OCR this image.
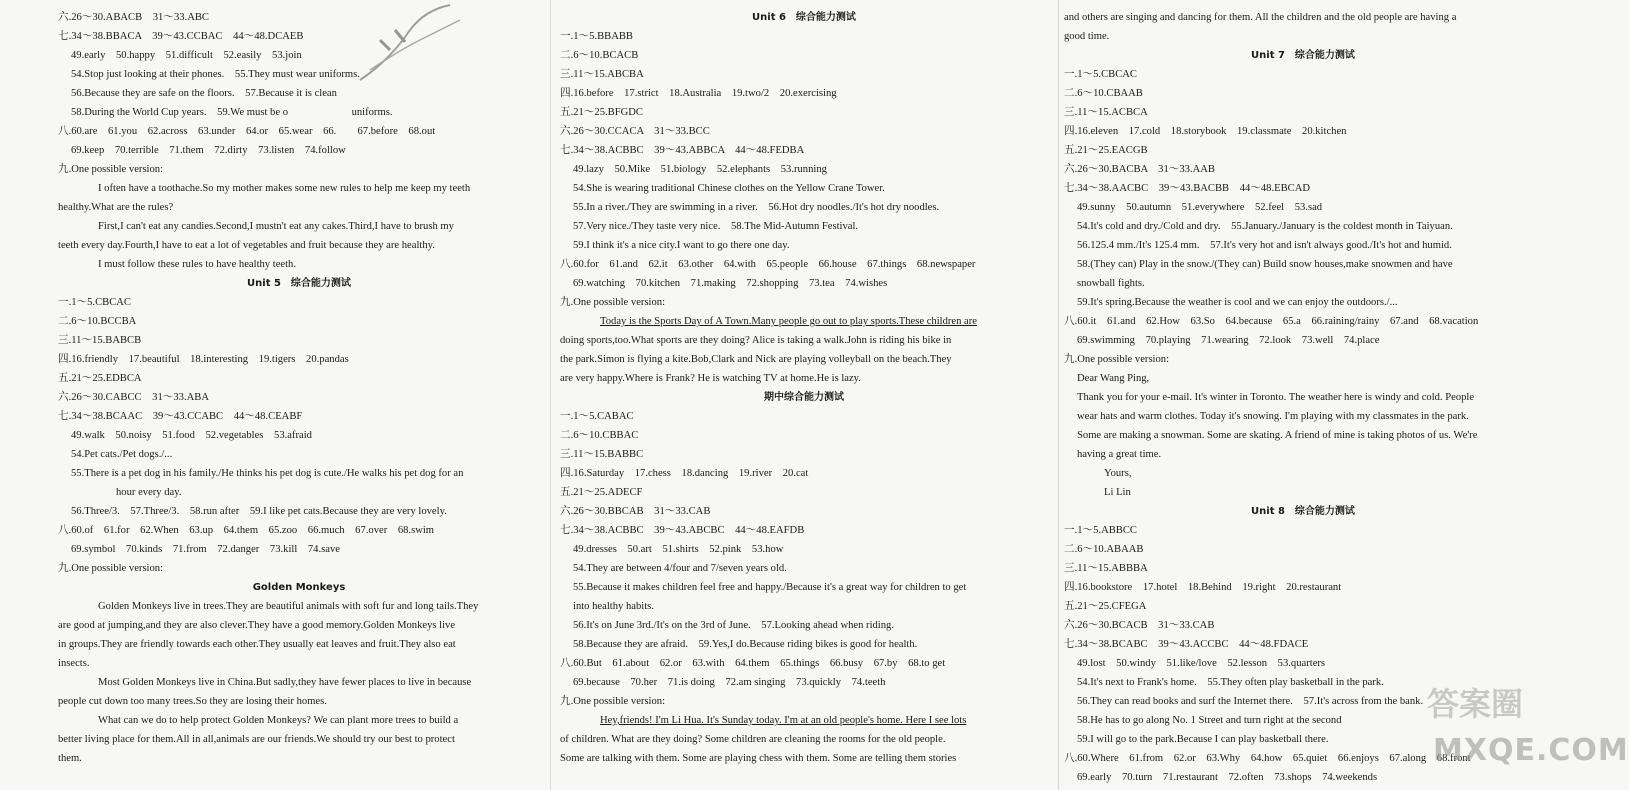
六.26～30.ABACB　31～33.ABC
七.34～38.BBACA　39～43.CCBAC　44～48.DCAEB
49.early　50.happy　51.difficult　52.easily　53.join
54.Stop just looking at their phones.　55.They must wear uniforms.
56.Because they are safe on the floors.　57.Because it is clean
58.During the World Cup years.　59.We must be o　　　　　　uniforms.
八.60.are　61.you　62.across　63.under　64.or　65.wear　66.　　67.before　68.out
69.keep　70.terrible　71.them　72.dirty　73.listen　74.follow
九.One possible version:
I often have a toothache.So my mother makes some new rules to help me keep my teeth
healthy.What are the rules?
First,I can't eat any candies.Second,I mustn't eat any cakes.Third,I have to brush my
teeth every day.Fourth,I have to eat a lot of vegetables and fruit because they are healthy.
I must follow these rules to have healthy teeth.
Unit 5　综合能力测试
一.1～5.CBCAC
二.6～10.BCCBA
三.11～15.BABCB
四.16.friendly　17.beautiful　18.interesting　19.tigers　20.pandas
五.21～25.EDBCA
六.26～30.CABCC　31～33.ABA
七.34～38.BCAAC　39～43.CCABC　44～48.CEABF
49.walk　50.noisy　51.food　52.vegetables　53.afraid
54.Pet cats./Pet dogs./...
55.There is a pet dog in his family./He thinks his pet dog is cute./He walks his pet dog for an
hour every day.
56.Three/3.　57.Three/3.　58.run after　59.I like pet cats.Because they are very lovely.
八.60.of　61.for　62.When　63.up　64.them　65.zoo　66.much　67.over　68.swim
69.symbol　70.kinds　71.from　72.danger　73.kill　74.save
九.One possible version:
Golden Monkeys
Golden Monkeys live in trees.They are beautiful animals with soft fur and long tails.They
are good at jumping,and they are also clever.They have a good memory.Golden Monkeys live
in groups.They are friendly towards each other.They usually eat leaves and fruit.They also eat
insects.
Most Golden Monkeys live in China.But sadly,they have fewer places to live in because
people cut down too many trees.So they are losing their homes.
What can we do to help protect Golden Monkeys? We can plant more trees to build a
better living place for them.All in all,animals are our friends.We should try our best to protect
them.
Unit 6　综合能力测试
一.1～5.BBABB
二.6～10.BCACB
三.11～15.ABCBA
四.16.before　17.strict　18.Australia　19.two/2　20.exercising
五.21～25.BFGDC
六.26～30.CCACA　31～33.BCC
七.34～38.ACBBC　39～43.ABBCA　44～48.FEDBA
49.lazy　50.Mike　51.biology　52.elephants　53.running
54.She is wearing traditional Chinese clothes on the Yellow Crane Tower.
55.In a river./They are swimming in a river.　56.Hot dry noodles./It's hot dry noodles.
57.Very nice./They taste very nice.　58.The Mid-Autumn Festival.
59.I think it's a nice city.I want to go there one day.
八.60.for　61.and　62.it　63.other　64.with　65.people　66.house　67.things　68.newspaper
69.watching　70.kitchen　71.making　72.shopping　73.tea　74.wishes
九.One possible version:
Today is the Sports Day of A Town.Many people go out to play sports.These children are
doing sports,too.What sports are they doing? Alice is taking a walk.John is riding his bike in
the park.Simon is flying a kite.Bob,Clark and Nick are playing volleyball on the beach.They
are very happy.Where is Frank? He is watching TV at home.He is lazy.
期中综合能力测试
一.1～5.CABAC
二.6～10.CBBAC
三.11～15.BABBC
四.16.Saturday　17.chess　18.dancing　19.river　20.cat
五.21～25.ADECF
六.26～30.BBCAB　31～33.CAB
七.34～38.ACBBC　39～43.ABCBC　44～48.EAFDB
49.dresses　50.art　51.shirts　52.pink　53.how
54.They are between 4/four and 7/seven years old.
55.Because it makes children feel free and happy./Because it's a great way for children to get
into healthy habits.
56.It's on June 3rd./It's on the 3rd of June.　57.Looking ahead when riding.
58.Because they are afraid.　59.Yes,I do.Because riding bikes is good for health.
八.60.But　61.about　62.or　63.with　64.them　65.things　66.busy　67.by　68.to get
69.because　70.her　71.is doing　72.am singing　73.quickly　74.teeth
九.One possible version:
Hey,friends! I'm Li Hua. It's Sunday today. I'm at an old people's home. Here I see lots
of children. What are they doing? Some children are cleaning the rooms for the old people.
Some are talking with them. Some are playing chess with them. Some are telling them stories
and others are singing and dancing for them. All the children and the old people are having a
good time.
Unit 7　综合能力测试
一.1～5.CBCAC
二.6～10.CBAAB
三.11～15.ACBCA
四.16.eleven　17.cold　18.storybook　19.classmate　20.kitchen
五.21～25.EACGB
六.26～30.BACBA　31～33.AAB
七.34～38.AACBC　39～43.BACBB　44～48.EBCAD
49.sunny　50.autumn　51.everywhere　52.feel　53.sad
54.It's cold and dry./Cold and dry.　55.January./January is the coldest month in Taiyuan.
56.125.4 mm./It's 125.4 mm.　57.It's very hot and isn't always good./It's hot and humid.
58.(They can) Play in the snow./(They can) Build snow houses,make snowmen and have
snowball fights.
59.It's spring.Because the weather is cool and we can enjoy the outdoors./...
八.60.it　61.and　62.How　63.So　64.because　65.a　66.raining/rainy　67.and　68.vacation
69.swimming　70.playing　71.wearing　72.look　73.well　74.place
九.One possible version:
Dear Wang Ping,
Thank you for your e-mail. It's winter in Toronto. The weather here is windy and cold. People
wear hats and warm clothes. Today it's snowing. I'm playing with my classmates in the park.
Some are making a snowman. Some are skating. A friend of mine is taking photos of us. We're
having a great time.
Yours,
Li Lin
Unit 8　综合能力测试
一.1～5.ABBCC
二.6～10.ABAAB
三.11～15.ABBBA
四.16.bookstore　17.hotel　18.Behind　19.right　20.restaurant
五.21～25.CFEGA
六.26～30.BCACB　31～33.CAB
七.34～38.BCABC　39～43.ACCBC　44～48.FDACE
49.lost　50.windy　51.like/love　52.lesson　53.quarters
54.It's next to Frank's home.　55.They often play basketball in the park.
56.They can read books and surf the Internet there.　57.It's across from the bank.
58.He has to go along No. 1 Street and turn right at the second
59.I will go to the park.Because I can play basketball there.
八.60.Where　61.from　62.or　63.Why　64.how　65.quiet　66.enjoys　67.along　68.front
69.early　70.turn　71.restaurant　72.often　73.shops　74.weekends
答案圈
MXQE.COM
